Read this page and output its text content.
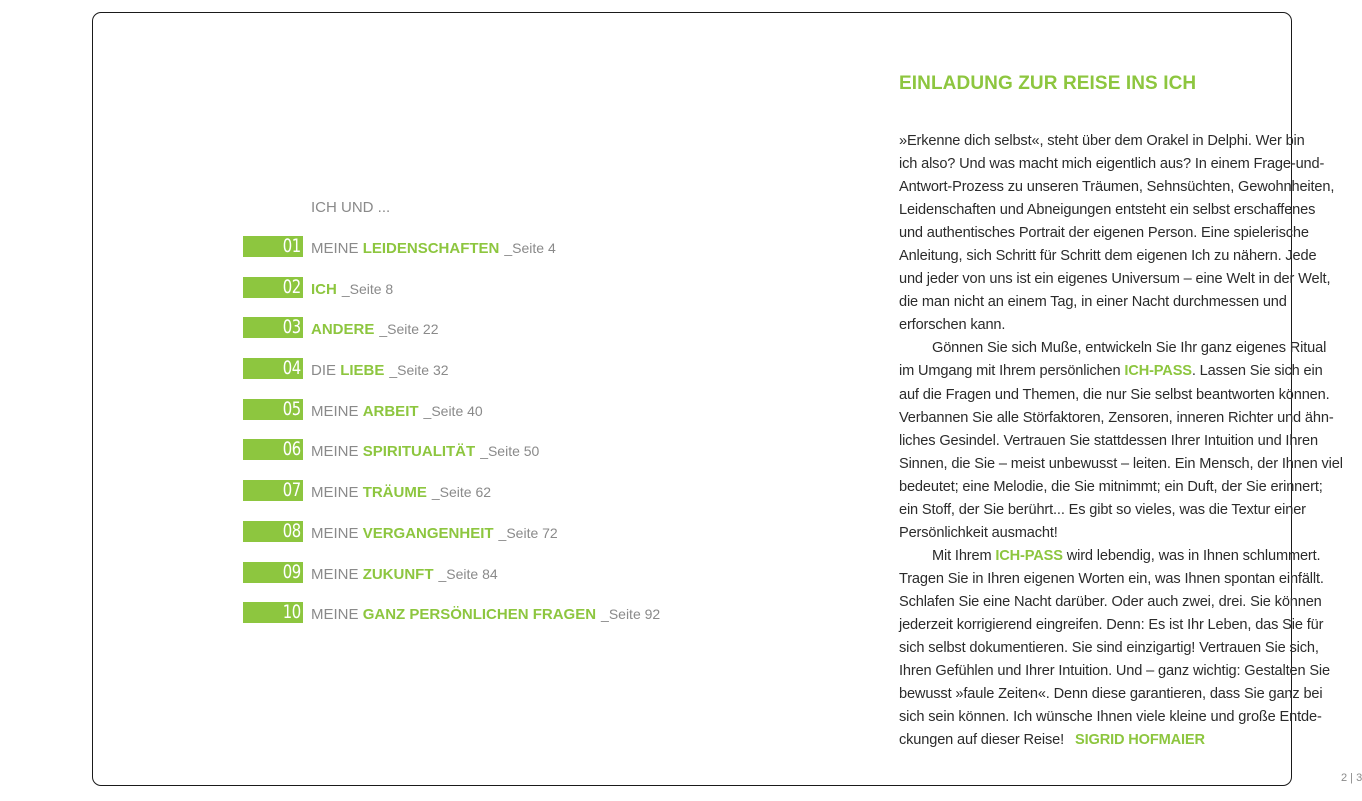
ICH UND ...
01 MEINE LEIDENSCHAFTEN _Seite 4
02 ICH _Seite 8
03 ANDERE _Seite 22
04 DIE LIEBE _Seite 32
05 MEINE ARBEIT _Seite 40
06 MEINE SPIRITUALITÄT _Seite 50
07 MEINE TRÄUME _Seite 62
08 MEINE VERGANGENHEIT _Seite 72
09 MEINE ZUKUNFT _Seite 84
10 MEINE GANZ PERSÖNLICHEN FRAGEN _Seite 92
EINLADUNG ZUR REISE INS ICH
»Erkenne dich selbst«, steht über dem Orakel in Delphi. Wer bin
ich also? Und was macht mich eigentlich aus? In einem Frage-und-
Antwort-Prozess zu unseren Träumen, Sehnsüchten, Gewohnheiten,
Leidenschaften und Abneigungen entsteht ein selbst erschaffenes
und authentisches Portrait der eigenen Person. Eine spielerische
Anleitung, sich Schritt für Schritt dem eigenen Ich zu nähern. Jede
und jeder von uns ist ein eigenes Universum – eine Welt in der Welt,
die man nicht an einem Tag, in einer Nacht durchmessen und
erforschen kann.
Gönnen Sie sich Muße, entwickeln Sie Ihr ganz eigenes Ritual
im Umgang mit Ihrem persönlichen ICH-PASS. Lassen Sie sich ein
auf die Fragen und Themen, die nur Sie selbst beantworten können.
Verbannen Sie alle Störfaktoren, Zensoren, inneren Richter und ähn-
liches Gesindel. Vertrauen Sie stattdessen Ihrer Intuition und Ihren
Sinnen, die Sie – meist unbewusst – leiten. Ein Mensch, der Ihnen viel
bedeutet; eine Melodie, die Sie mitnimmt; ein Duft, der Sie erinnert;
ein Stoff, der Sie berührt... Es gibt so vieles, was die Textur einer
Persönlichkeit ausmacht!
Mit Ihrem ICH-PASS wird lebendig, was in Ihnen schlummert.
Tragen Sie in Ihren eigenen Worten ein, was Ihnen spontan einfällt.
Schlafen Sie eine Nacht darüber. Oder auch zwei, drei. Sie können
jederzeit korrigierend eingreifen. Denn: Es ist Ihr Leben, das Sie für
sich selbst dokumentieren. Sie sind einzigartig! Vertrauen Sie sich,
Ihren Gefühlen und Ihrer Intuition. Und – ganz wichtig: Gestalten Sie
bewusst »faule Zeiten«. Denn diese garantieren, dass Sie ganz bei
sich sein können. Ich wünsche Ihnen viele kleine und große Entde-
ckungen auf dieser Reise! SIGRID HOFMAIER
2 | 3
